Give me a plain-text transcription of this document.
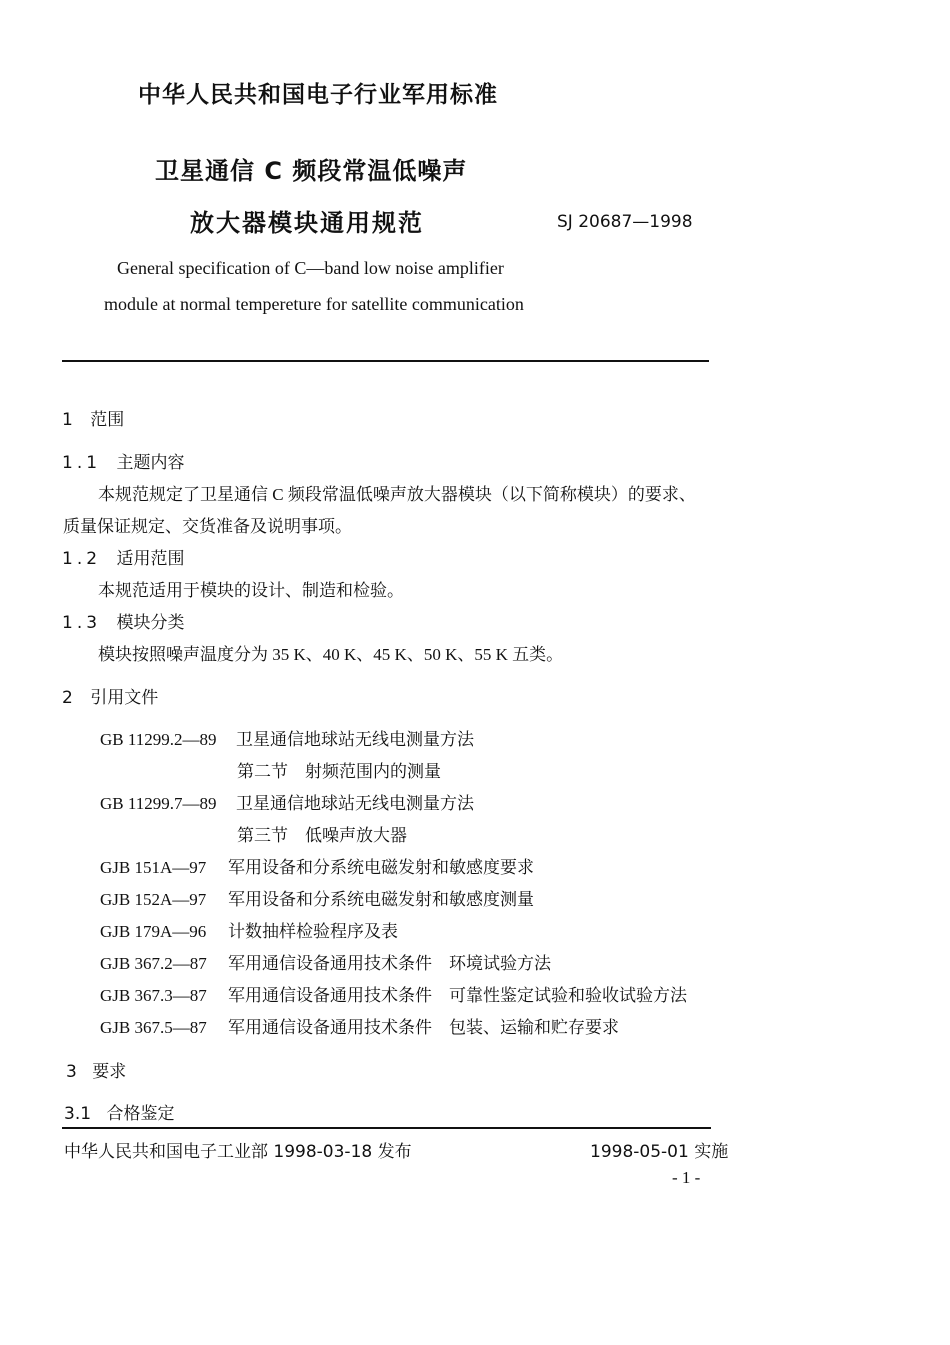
中华人民共和国电子行业军用标准
卫星通信 C 频段常温低噪声
放大器模块通用规范	SJ 20687—1998
General specification of C—band low noise amplifier
module at normal tempereture for satellite communication
1 范围
1.1 主题内容
本规范规定了卫星通信 C 频段常温低噪声放大器模块（以下简称模块）的要求、
质量保证规定、交货准备及说明事项。
1.2 适用范围
本规范适用于模块的设计、制造和检验。
1.3 模块分类
模块按照噪声温度分为 35 K、40 K、45 K、50 K、55 K 五类。
2 引用文件
GB 11299.2—89 卫星通信地球站无线电测量方法
第二节　射频范围内的测量
GB 11299.7—89 卫星通信地球站无线电测量方法
第三节　低噪声放大器
GJB 151A—97 军用设备和分系统电磁发射和敏感度要求
GJB 152A—97 军用设备和分系统电磁发射和敏感度测量
GJB 179A—96 计数抽样检验程序及表
GJB 367.2—87 军用通信设备通用技术条件　环境试验方法
GJB 367.3—87 军用通信设备通用技术条件　可靠性鉴定试验和验收试验方法
GJB 367.5—87 军用通信设备通用技术条件　包装、运输和贮存要求
3 要求
3.1 合格鉴定
中华人民共和国电子工业部 1998-03-18 发布	1998-05-01 实施
- 1 -
